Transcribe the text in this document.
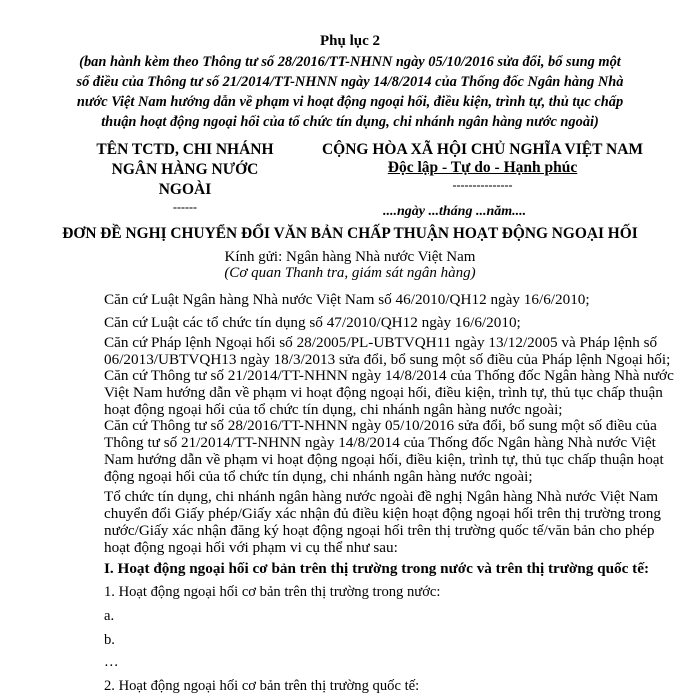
Phụ lục 2
(ban hành kèm theo Thông tư số 28/2016/TT-NHNN ngày 05/10/2016 sửa đổi, bổ sung một
số điều của Thông tư số 21/2014/TT-NHNN ngày 14/8/2014 của Thống đốc Ngân hàng Nhà
nước Việt Nam hướng dẫn về phạm vi hoạt động ngoại hối, điều kiện, trình tự, thủ tục chấp
thuận hoạt động ngoại hối của tổ chức tín dụng, chi nhánh ngân hàng nước ngoài)
TÊN TCTD, CHI NHÁNH
NGÂN HÀNG NƯỚC
NGOÀI
------
CỘNG HÒA XÃ HỘI CHỦ NGHĨA VIỆT NAM
Độc lập - Tự do - Hạnh phúc
---------------
....ngày ...tháng ...năm....
ĐƠN ĐỀ NGHỊ CHUYỂN ĐỔI VĂN BẢN CHẤP THUẬN HOẠT ĐỘNG NGOẠI HỐI
Kính gửi: Ngân hàng Nhà nước Việt Nam
(Cơ quan Thanh tra, giám sát ngân hàng)
Căn cứ Luật Ngân hàng Nhà nước Việt Nam số 46/2010/QH12 ngày 16/6/2010;
Căn cứ Luật các tổ chức tín dụng số 47/2010/QH12 ngày 16/6/2010;
Căn cứ Pháp lệnh Ngoại hối số 28/2005/PL-UBTVQH11 ngày 13/12/2005 và Pháp lệnh số
06/2013/UBTVQH13 ngày 18/3/2013 sửa đổi, bổ sung một số điều của Pháp lệnh Ngoại hối;
Căn cứ Thông tư số 21/2014/TT-NHNN ngày 14/8/2014 của Thống đốc Ngân hàng Nhà nước
Việt Nam hướng dẫn về phạm vi hoạt động ngoại hối, điều kiện, trình tự, thủ tục chấp thuận
hoạt động ngoại hối của tổ chức tín dụng, chi nhánh ngân hàng nước ngoài;
Căn cứ Thông tư số 28/2016/TT-NHNN ngày 05/10/2016 sửa đổi, bổ sung một số điều của
Thông tư số 21/2014/TT-NHNN ngày 14/8/2014 của Thống đốc Ngân hàng Nhà nước Việt
Nam hướng dẫn về phạm vi hoạt động ngoại hối, điều kiện, trình tự, thủ tục chấp thuận hoạt
động ngoại hối của tổ chức tín dụng, chi nhánh ngân hàng nước ngoài;
Tổ chức tín dụng, chi nhánh ngân hàng nước ngoài đề nghị Ngân hàng Nhà nước Việt Nam
chuyển đổi Giấy phép/Giấy xác nhận đủ điều kiện hoạt động ngoại hối trên thị trường trong
nước/Giấy xác nhận đăng ký hoạt động ngoại hối trên thị trường quốc tế/văn bản cho phép
hoạt động ngoại hối với phạm vi cụ thể như sau:
I. Hoạt động ngoại hối cơ bản trên thị trường trong nước và trên thị trường quốc tế:
1. Hoạt động ngoại hối cơ bản trên thị trường trong nước:
a.
b.
…
2. Hoạt động ngoại hối cơ bản trên thị trường quốc tế:
